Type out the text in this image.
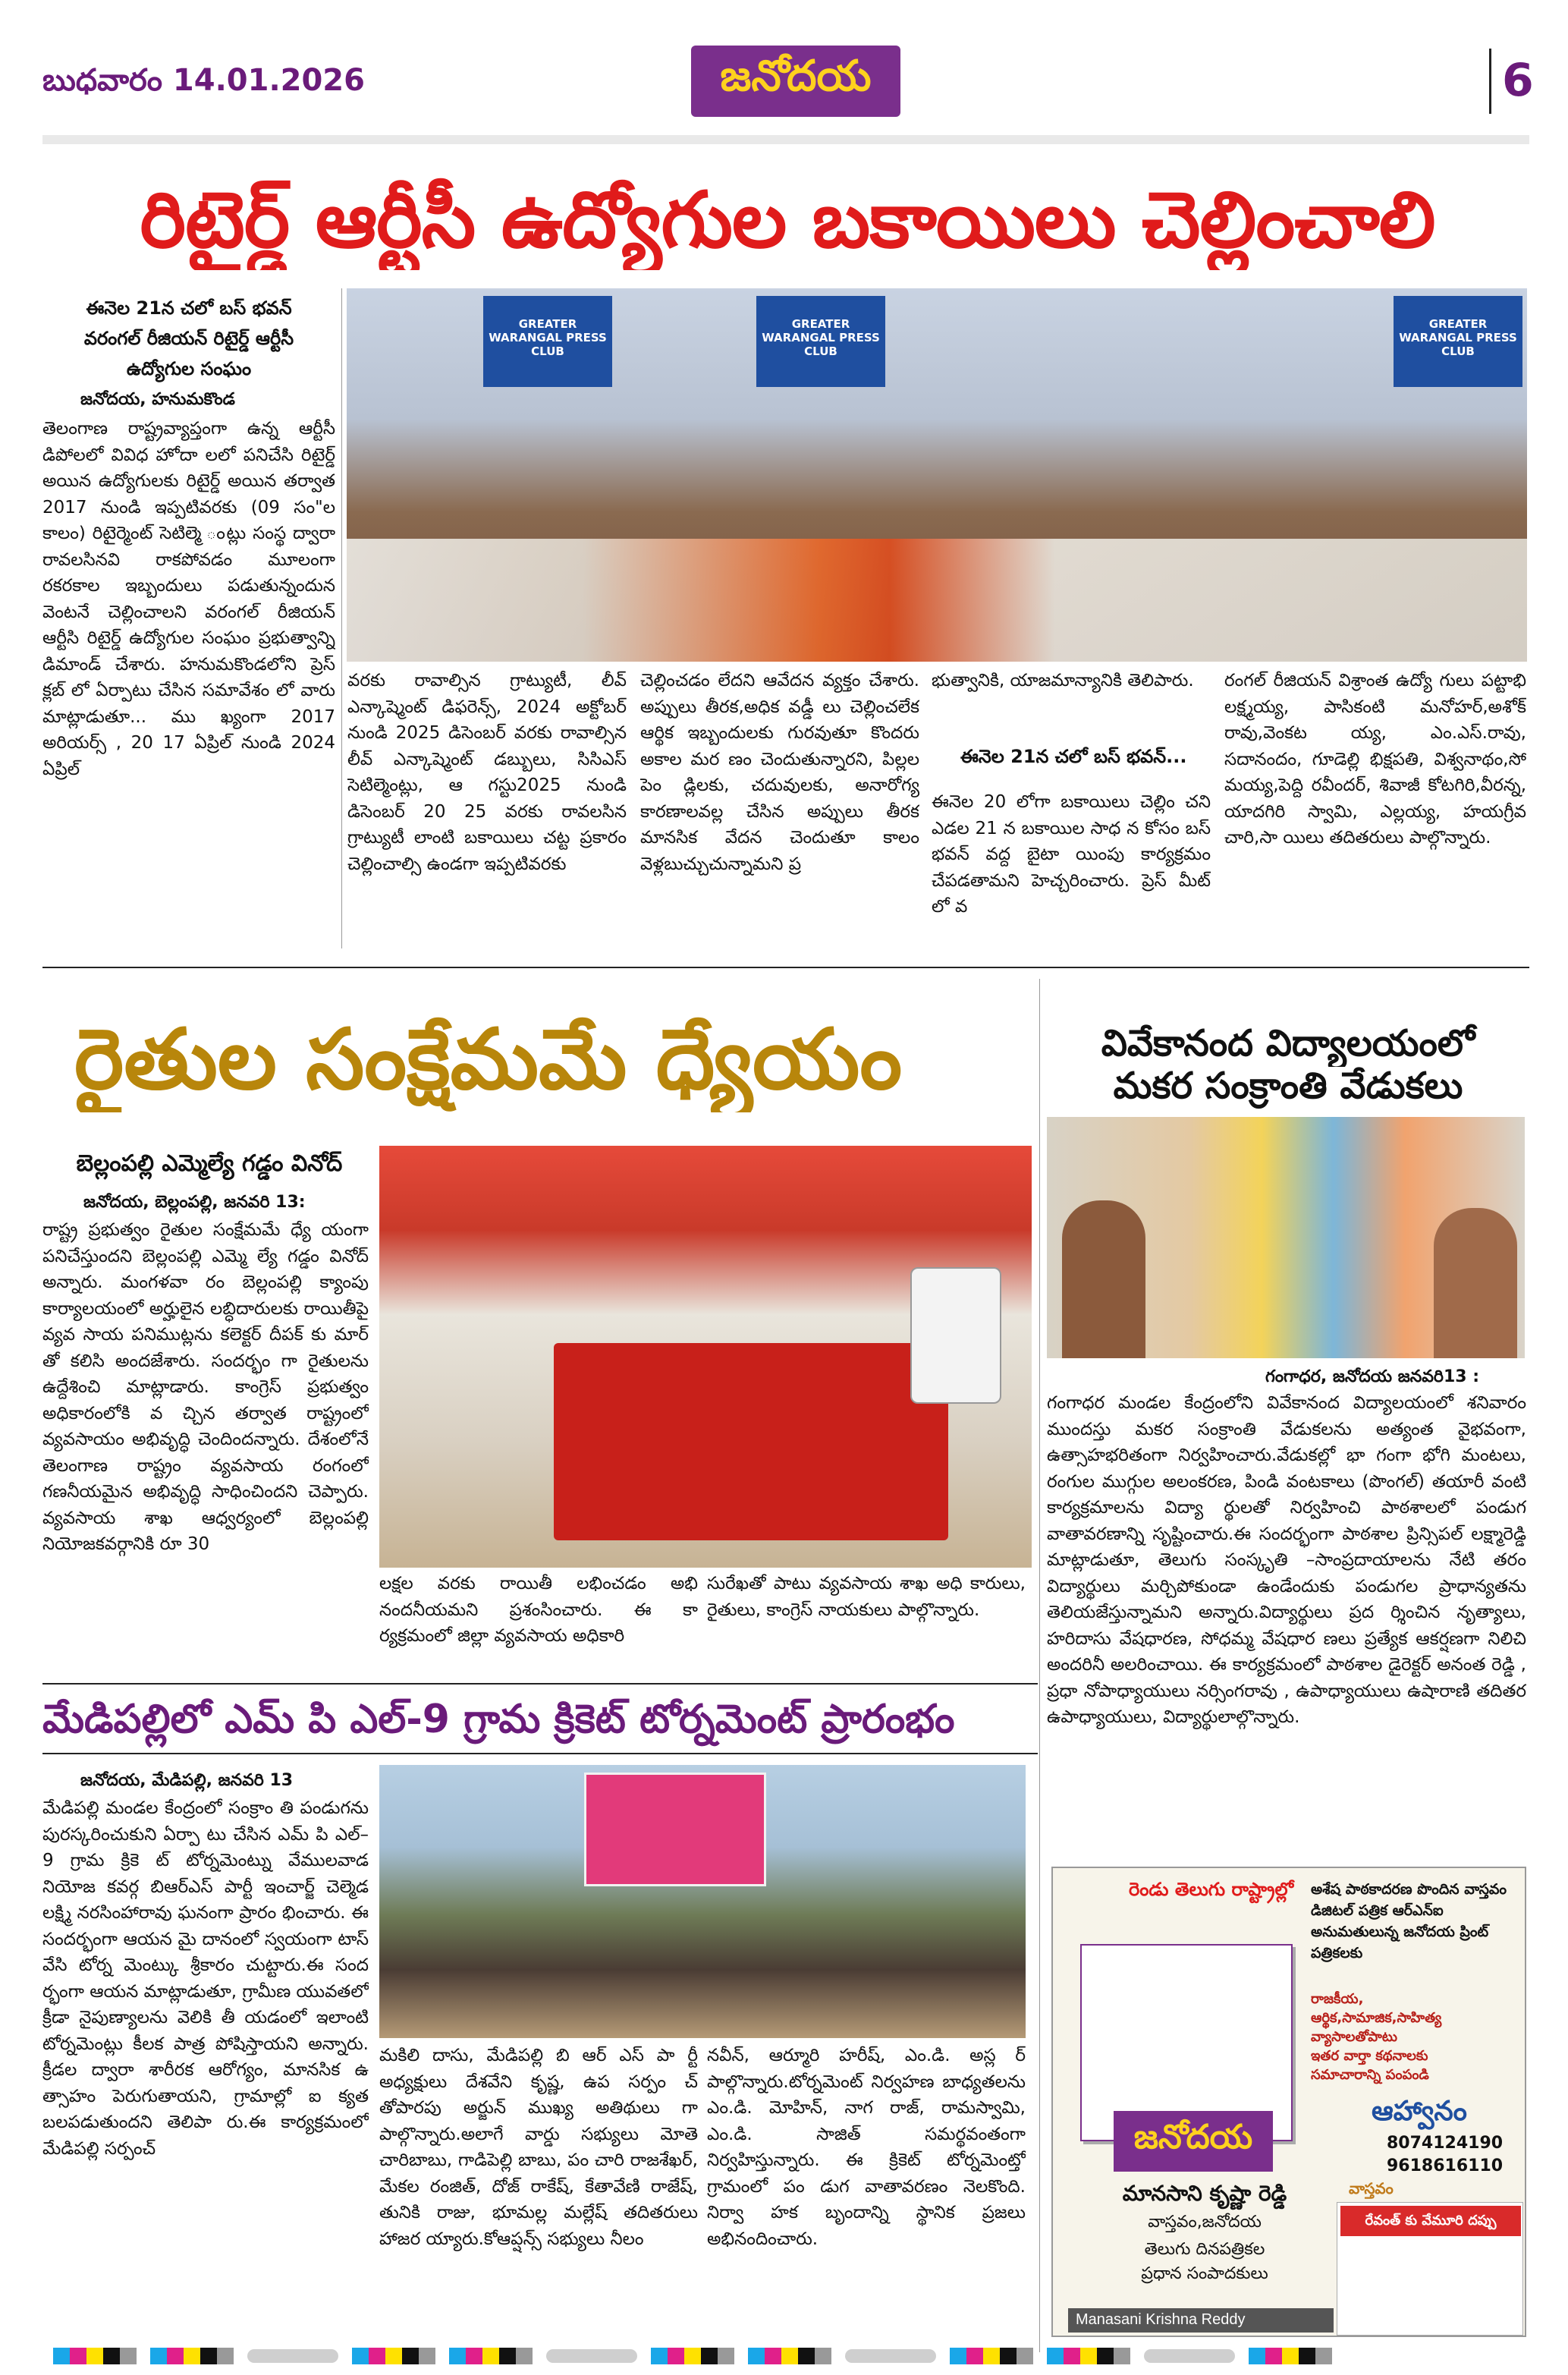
బుధవారం 14.01.2026	జనోదయ	6
రిటైర్డ్ ఆర్టీసీ ఉద్యోగుల బకాయిలు చెల్లించాలి
ఈనెల 21న చలో బస్ భవన్
వరంగల్ రీజియన్ రిటైర్డ్ ఆర్టీసీ
ఉద్యోగుల సంఘం
జనోదయ, హనుమకొండ
తెలంగాణ రాష్ట్రవ్యాప్తంగా ఉన్న ఆర్టీసీ డిపోలలో వివిధ హోదా లలో పనిచేసి రిటైర్డ్ అయిన ఉద్యోగులకు రిటైర్డ్ అయిన తర్వాత 2017 నుండి ఇప్పటివరకు (09 సం"ల కాలం) రిటైర్మెంట్ సెటిల్మె ంట్లు సంస్థ ద్వారా రావలసినవి రాకపోవడం మూలంగా రకరకాల ఇబ్బందులు పడుతున్నందున వెంటనే చెల్లించాలని వరంగల్ రీజియన్ ఆర్టీసి రిటైర్డ్ ఉద్యోగుల సంఘం ప్రభుత్వాన్ని డిమాండ్ చేశారు. హనుమకొండలోని ప్రెస్ క్లబ్ లో ఏర్పాటు చేసిన సమావేశం లో వారు మాట్లాడుతూ... ము ఖ్యంగా 2017 అరియర్స్ , 20 17 ఏప్రిల్ నుండి 2024 ఏప్రిల్
GREATER WARANGAL PRESS CLUB
GREATER WARANGAL PRESS CLUB
GREATER WARANGAL PRESS CLUB
వరకు రావాల్సిన గ్రాట్యుటీ, లీవ్ ఎన్కాష్మెంట్ డిఫరెన్స్, 2024 అక్టోబర్ నుండి 2025 డిసెంబర్ వరకు రావాల్సిన లీవ్ ఎన్కాష్మెంట్ డబ్బులు, సిసిఎస్ సెటిల్మెంట్లు, ఆ గస్టు2025 నుండి డిసెంబర్ 20 25 వరకు రావలసిన గ్రాట్యుటీ లాంటి బకాయిలు చట్ట ప్రకారం చెల్లించాల్సి ఉండగా ఇప్పటివరకు
చెల్లించడం లేదని ఆవేదన వ్యక్తం చేశారు. అప్పులు తీరక,అధిక వడ్డీ లు చెల్లించలేక ఆర్థిక ఇబ్బందులకు గురవుతూ కొందరు అకాల మర ణం చెందుతున్నారని, పిల్లల పెం డ్లిలకు, చదువులకు, అనారోగ్య కారణాలవల్ల చేసిన అప్పులు తీరక మానసిక వేదన చెందుతూ కాలం వెళ్లబుచ్చుచున్నామని ప్ర
భుత్వానికి, యాజమాన్యానికి తెలిపారు.
ఈనెల 21న చలో బస్ భవన్...
ఈనెల 20 లోగా బకాయిలు చెల్లిం చని ఎడల 21 న బకాయిల సాధ న కోసం బస్ భవన్ వద్ద బైటా యింపు కార్యక్రమం చేపడతామని హెచ్చరించారు. ప్రెస్ మీట్ లో వ
రంగల్ రీజియన్ విశ్రాంత ఉద్యో గులు పట్టాభి లక్ష్మయ్య, పాసికంటి మనోహర్,అశోక్ రావు,వెంకట య్య, ఎం.ఎస్.రావు, సదానందం, గూడెల్లి భిక్షపతి, విశ్వనాథం,సో మయ్య,పెద్ది రవీందర్, శివాజీ కోటగిరి,వీరన్న, యాదగిరి స్వామి, ఎల్లయ్య, హయగ్రీవ చారి,సా యిలు తదితరులు పాల్గొన్నారు.
రైతుల సంక్షేమమే ధ్యేయం
బెల్లంపల్లి ఎమ్మెల్యే గడ్డం వినోద్
జనోదయ, బెల్లంపల్లి, జనవరి 13:
రాష్ట్ర ప్రభుత్వం రైతుల సంక్షేమమే ధ్యే యంగా పనిచేస్తుందని బెల్లంపల్లి ఎమ్మె ల్యే గడ్డం వినోద్ అన్నారు. మంగళవా రం బెల్లంపల్లి క్యాంపు కార్యాలయంలో అర్హులైన లబ్ధిదారులకు రాయితీపై వ్యవ సాయ పనిముట్లను కలెక్టర్ దీపక్ కు మార్ తో కలిసి అందజేశారు. సందర్భం గా రైతులను ఉద్దేశించి మాట్లాడారు. కాంగ్రెస్ ప్రభుత్వం అధికారంలోకి వ చ్చిన తర్వాత రాష్ట్రంలో వ్యవసాయం అభివృద్ధి చెందిందన్నారు. దేశంలోనే తెలంగాణ రాష్ట్రం వ్యవసాయ రంగంలో గణనీయమైన అభివృద్ధి సాధించిందని చెప్పారు. వ్యవసాయ శాఖ ఆధ్వర్యంలో బెల్లంపల్లి నియోజకవర్గానికి రూ 30
లక్షల వరకు రాయితీ లభించడం అభి నందనీయమని ప్రశంసించారు. ఈ కా ర్యక్రమంలో జిల్లా వ్యవసాయ అధికారి
సురేఖతో పాటు వ్యవసాయ శాఖ అధి కారులు, రైతులు, కాంగ్రెస్ నాయకులు పాల్గొన్నారు.
వివేకానంద విద్యాలయంలో
మకర సంక్రాంతి వేడుకలు
గంగాధర, జనోదయ జనవరి13 :
గంగాధర మండల కేంద్రంలోని వివేకానంద విద్యాలయంలో శనివారం ముందస్తు మకర సంక్రాంతి వేడుకలను అత్యంత వైభవంగా, ఉత్సాహభరితంగా నిర్వహించారు.వేడుకల్లో భా గంగా భోగి మంటలు, రంగుల ముగ్గుల అలంకరణ, పిండి వంటకాలు (పొంగల్) తయారీ వంటి కార్యక్రమాలను విద్యా ర్థులతో నిర్వహించి పాఠశాలలో పండుగ వాతావరణాన్ని సృష్టించారు.ఈ సందర్భంగా పాఠశాల ప్రిన్సిపల్ లక్ష్మారెడ్డి మాట్లాడుతూ, తెలుగు సంస్కృతి –సాంప్రదాయాలను నేటి తరం విద్యార్థులు మర్చిపోకుండా ఉండేందుకు పండుగల ప్రాధాన్యతను తెలియజేస్తున్నామని అన్నారు.విద్యార్థులు ప్రద ర్శించిన నృత్యాలు, హరిదాసు వేషధారణ, సోధమ్మ వేషధార ణలు ప్రత్యేక ఆకర్షణగా నిలిచి అందరినీ అలరించాయి. ఈ కార్యక్రమంలో పాఠశాల డైరెక్టర్ అనంత రెడ్డి , ప్రధా నోపాధ్యాయులు నర్సింగరావు , ఉపాధ్యాయులు ఉషారాణి తదితర ఉపాధ్యాయులు, విద్యార్థులాల్గొన్నారు.
మేడిపల్లిలో ఎమ్ పి ఎల్-9 గ్రామ క్రికెట్ టోర్నమెంట్ ప్రారంభం
జనోదయ, మేడిపల్లి, జనవరి 13
మేడిపల్లి మండల కేంద్రంలో సంక్రాం తి పండుగను పురస్కరించుకుని ఏర్పా టు చేసిన ఎమ్ పి ఎల్–9 గ్రామ క్రికె ట్ టోర్నమెంట్ను వేములవాడ నియోజ కవర్గ బిఆర్ఎస్ పార్టీ ఇంచార్జ్ చెల్మెడ లక్ష్మి నరసింహారావు ఘనంగా ప్రారం భించారు. ఈ సందర్భంగా ఆయన మై దానంలో స్వయంగా టాస్ వేసి టోర్న మెంట్కు శ్రీకారం చుట్టారు.ఈ సంద ర్భంగా ఆయన మాట్లాడుతూ, గ్రామీణ యువతలో క్రీడా నైపుణ్యాలను వెలికి తీ యడంలో ఇలాంటి టోర్నమెంట్లు కీలక పాత్ర పోషిస్తాయని అన్నారు. క్రీడల ద్వారా శారీరక ఆరోగ్యం, మానసిక ఉ త్సాహం పెరుగుతాయని, గ్రామాల్లో ఐ క్యత బలపడుతుందని తెలిపా రు.ఈ కార్యక్రమంలో మేడిపల్లి సర్పంచ్
మకిలి దాసు, మేడిపల్లి బి ఆర్ ఎస్ పా ర్టీ అధ్యక్షులు దేశవేని కృష్ణ, ఉప సర్పం చ్ తోపారపు అర్జున్ ముఖ్య అతిథులు గా పాల్గొన్నారు.అలాగే వార్డు సభ్యులు మోతె చారిబాబు, గాడిపెల్లి బాబు, పం చారి రాజశేఖర్, మేకల రంజిత్, దోజ్ రాకేష్, కేతావేణి రాజేష్, తునికి రాజు, భూమల్ల మల్లేష్ తదితరులు హాజర య్యారు.కోఆప్షన్స్ సభ్యులు నీలం
నవీన్, ఆర్మూరి హరీష్, ఎం.డి. అస్ల ర్ పాల్గొన్నారు.టోర్నమెంట్ నిర్వహణ బాధ్యతలను ఎం.డి. మోహిన్, నాగ రాజ్, రామస్వామి, ఎం.డి. సాజిత్ సమర్థవంతంగా నిర్వహిస్తున్నారు. ఈ క్రికెట్ టోర్నమెంట్తో గ్రామంలో పం డుగ వాతావరణం నెలకొంది. నిర్వా హక బృందాన్ని స్థానిక ప్రజలు అభినందించారు.
రెండు తెలుగు రాష్ట్రాల్లో అశేష పాఠకాదరణ పొందిన వాస్తవం డిజిటల్ పత్రిక ఆర్ఎన్ఐ అనుమతులున్న జనోదయ ప్రింట్ పత్రికలకు
రాజకీయ,
ఆర్థిక,సామాజిక,సాహిత్య వ్యాసాలతోపాటు
ఇతర వార్తా కథనాలకు
సమాచారాన్ని పంపండి
ఆహ్వానం
8074124190
9618616110
జనోదయ
వాస్తవం
మానసాని కృష్ణా రెడ్డి
వాస్తవం,జనోదయ
తెలుగు దినపత్రికల
ప్రధాన సంపాదకులు
రేవంత్ కు వేమూరి దప్పు
Manasani Krishna Reddy
